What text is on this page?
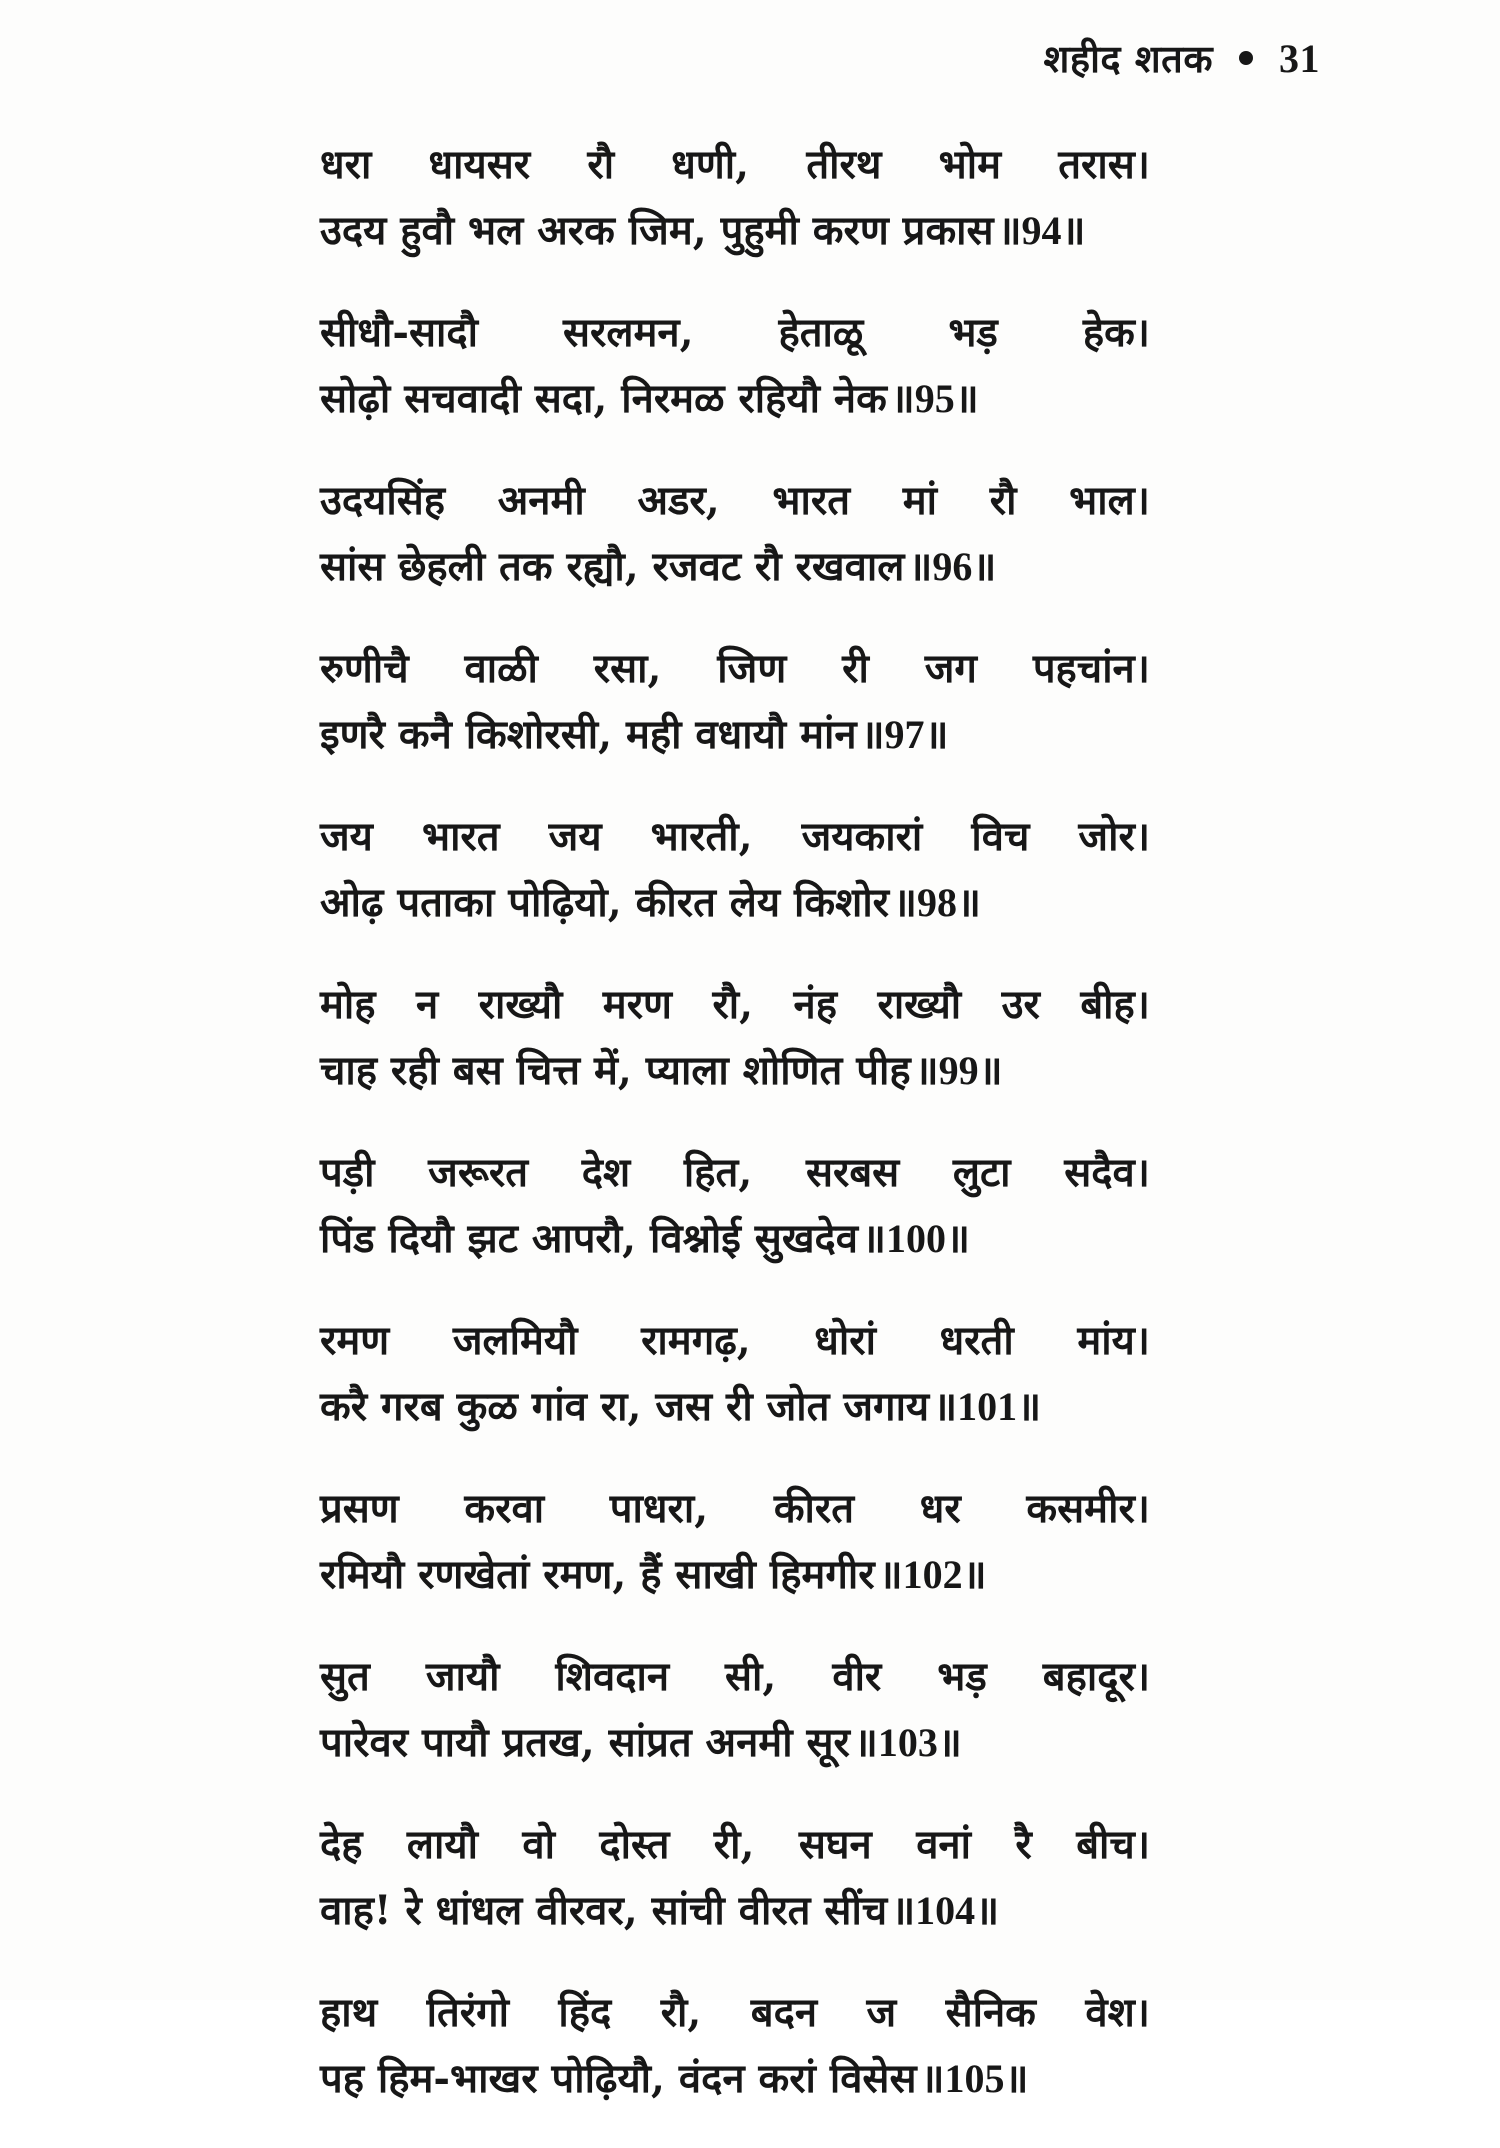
शहीद शतक 31
धरा धायसर रौ धणी, तीरथ भोम तरास।
उदय हुवौ भल अरक जिम, पुहुमी करण प्रकास ॥94॥
सीधौ-सादौ सरलमन, हेताळू भड़ हेक।
सोढ़ो सचवादी सदा, निरमळ रहियौ नेक ॥95॥
उदयसिंह अनमी अडर, भारत मां रौ भाल।
सांस छेहली तक रह्यौ, रजवट रौ रखवाल ॥96॥
रुणीचै वाळी रसा, जिण री जग पहचांन।
इणरै कनै किशोरसी, मही वधायौ मांन ॥97॥
जय भारत जय भारती, जयकारां विच जोर।
ओढ़ पताका पोढ़ियो, कीरत लेय किशोर ॥98॥
मोह न राख्यौ मरण रौ, नंह राख्यौ उर बीह।
चाह रही बस चित्त में, प्याला शोणित पीह ॥99॥
पड़ी जरूरत देश हित, सरबस लुटा सदैव।
पिंड दियौ झट आपरौ, विश्नोई सुखदेव ॥100॥
रमण जलमियौ रामगढ़, धोरां धरती मांय।
करै गरब कुळ गांव रा, जस री जोत जगाय ॥101॥
प्रसण करवा पाधरा, कीरत धर कसमीर।
रमियौ रणखेतां रमण, हैं साखी हिमगीर ॥102॥
सुत जायौ शिवदान सी, वीर भड़ बहादूर।
पारेवर पायौ प्रतख, सांप्रत अनमी सूर ॥103॥
देह लायौ वो दोस्त री, सघन वनां रै बीच।
वाह! रे धांधल वीरवर, सांची वीरत सींच ॥104॥
हाथ तिरंगो हिंद रौ, बदन ज सैनिक वेश।
पह हिम-भाखर पोढ़ियौ, वंदन करां विसेस ॥105॥
